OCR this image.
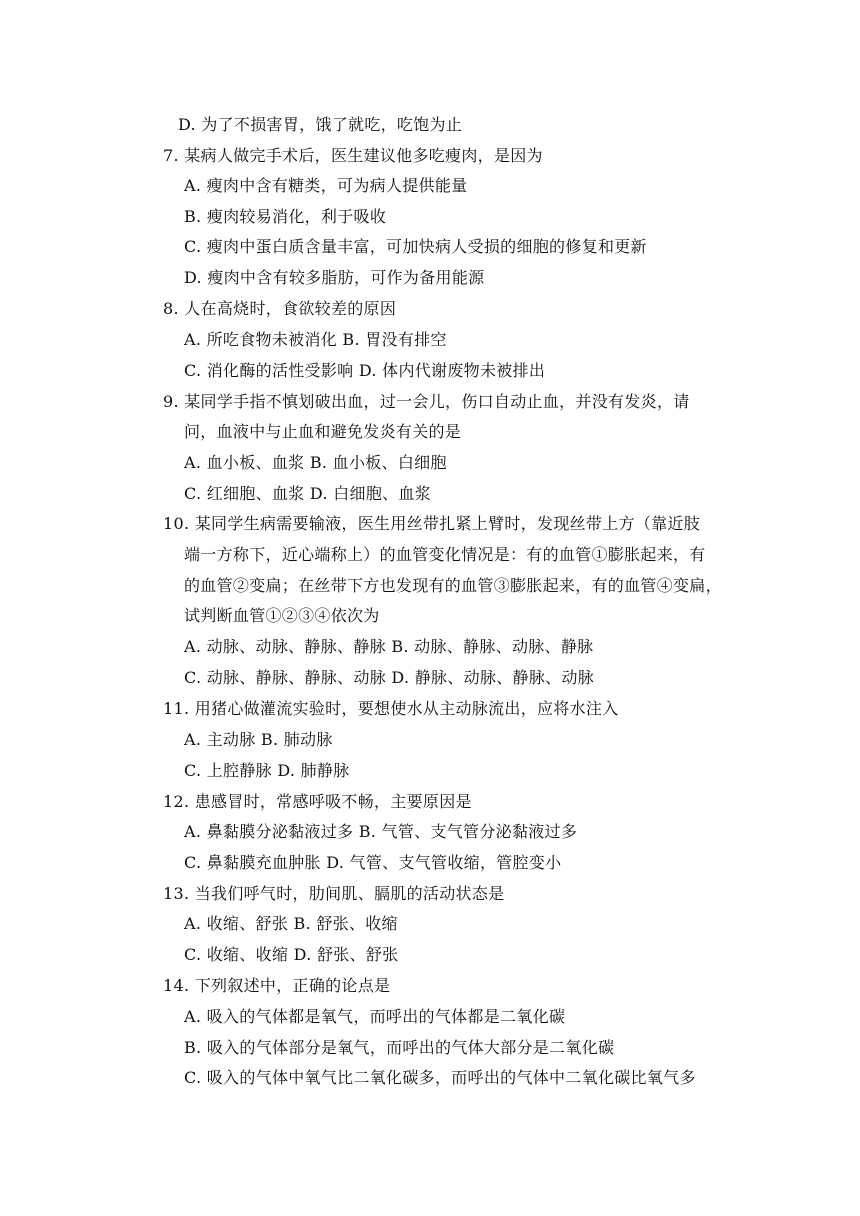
D. 为了不损害胃，饿了就吃，吃饱为止
7. 某病人做完手术后，医生建议他多吃瘦肉，是因为
A. 瘦肉中含有糖类，可为病人提供能量
B. 瘦肉较易消化，利于吸收
C. 瘦肉中蛋白质含量丰富，可加快病人受损的细胞的修复和更新
D. 瘦肉中含有较多脂肪，可作为备用能源
8. 人在高烧时，食欲较差的原因
A. 所吃食物未被消化 B. 胃没有排空
C. 消化酶的活性受影响 D. 体内代谢废物未被排出
9. 某同学手指不慎划破出血，过一会儿，伤口自动止血，并没有发炎，请
问，血液中与止血和避免发炎有关的是
A. 血小板、血浆 B. 血小板、白细胞
C. 红细胞、血浆 D. 白细胞、血浆
10. 某同学生病需要输液，医生用丝带扎紧上臂时，发现丝带上方（靠近肢
端一方称下，近心端称上）的血管变化情况是：有的血管①膨胀起来，有
的血管②变扁；在丝带下方也发现有的血管③膨胀起来，有的血管④变扁，
试判断血管①②③④依次为
A. 动脉、动脉、静脉、静脉 B. 动脉、静脉、动脉、静脉
C. 动脉、静脉、静脉、动脉 D. 静脉、动脉、静脉、动脉
11. 用猪心做灌流实验时，要想使水从主动脉流出，应将水注入
A. 主动脉 B. 肺动脉
C. 上腔静脉 D. 肺静脉
12. 患感冒时，常感呼吸不畅，主要原因是
A. 鼻黏膜分泌黏液过多 B. 气管、支气管分泌黏液过多
C. 鼻黏膜充血肿胀 D. 气管、支气管收缩，管腔变小
13. 当我们呼气时，肋间肌、膈肌的活动状态是
A. 收缩、舒张 B. 舒张、收缩
C. 收缩、收缩 D. 舒张、舒张
14. 下列叙述中，正确的论点是
A. 吸入的气体都是氧气，而呼出的气体都是二氧化碳
B. 吸入的气体部分是氧气，而呼出的气体大部分是二氧化碳
C. 吸入的气体中氧气比二氧化碳多，而呼出的气体中二氧化碳比氧气多
